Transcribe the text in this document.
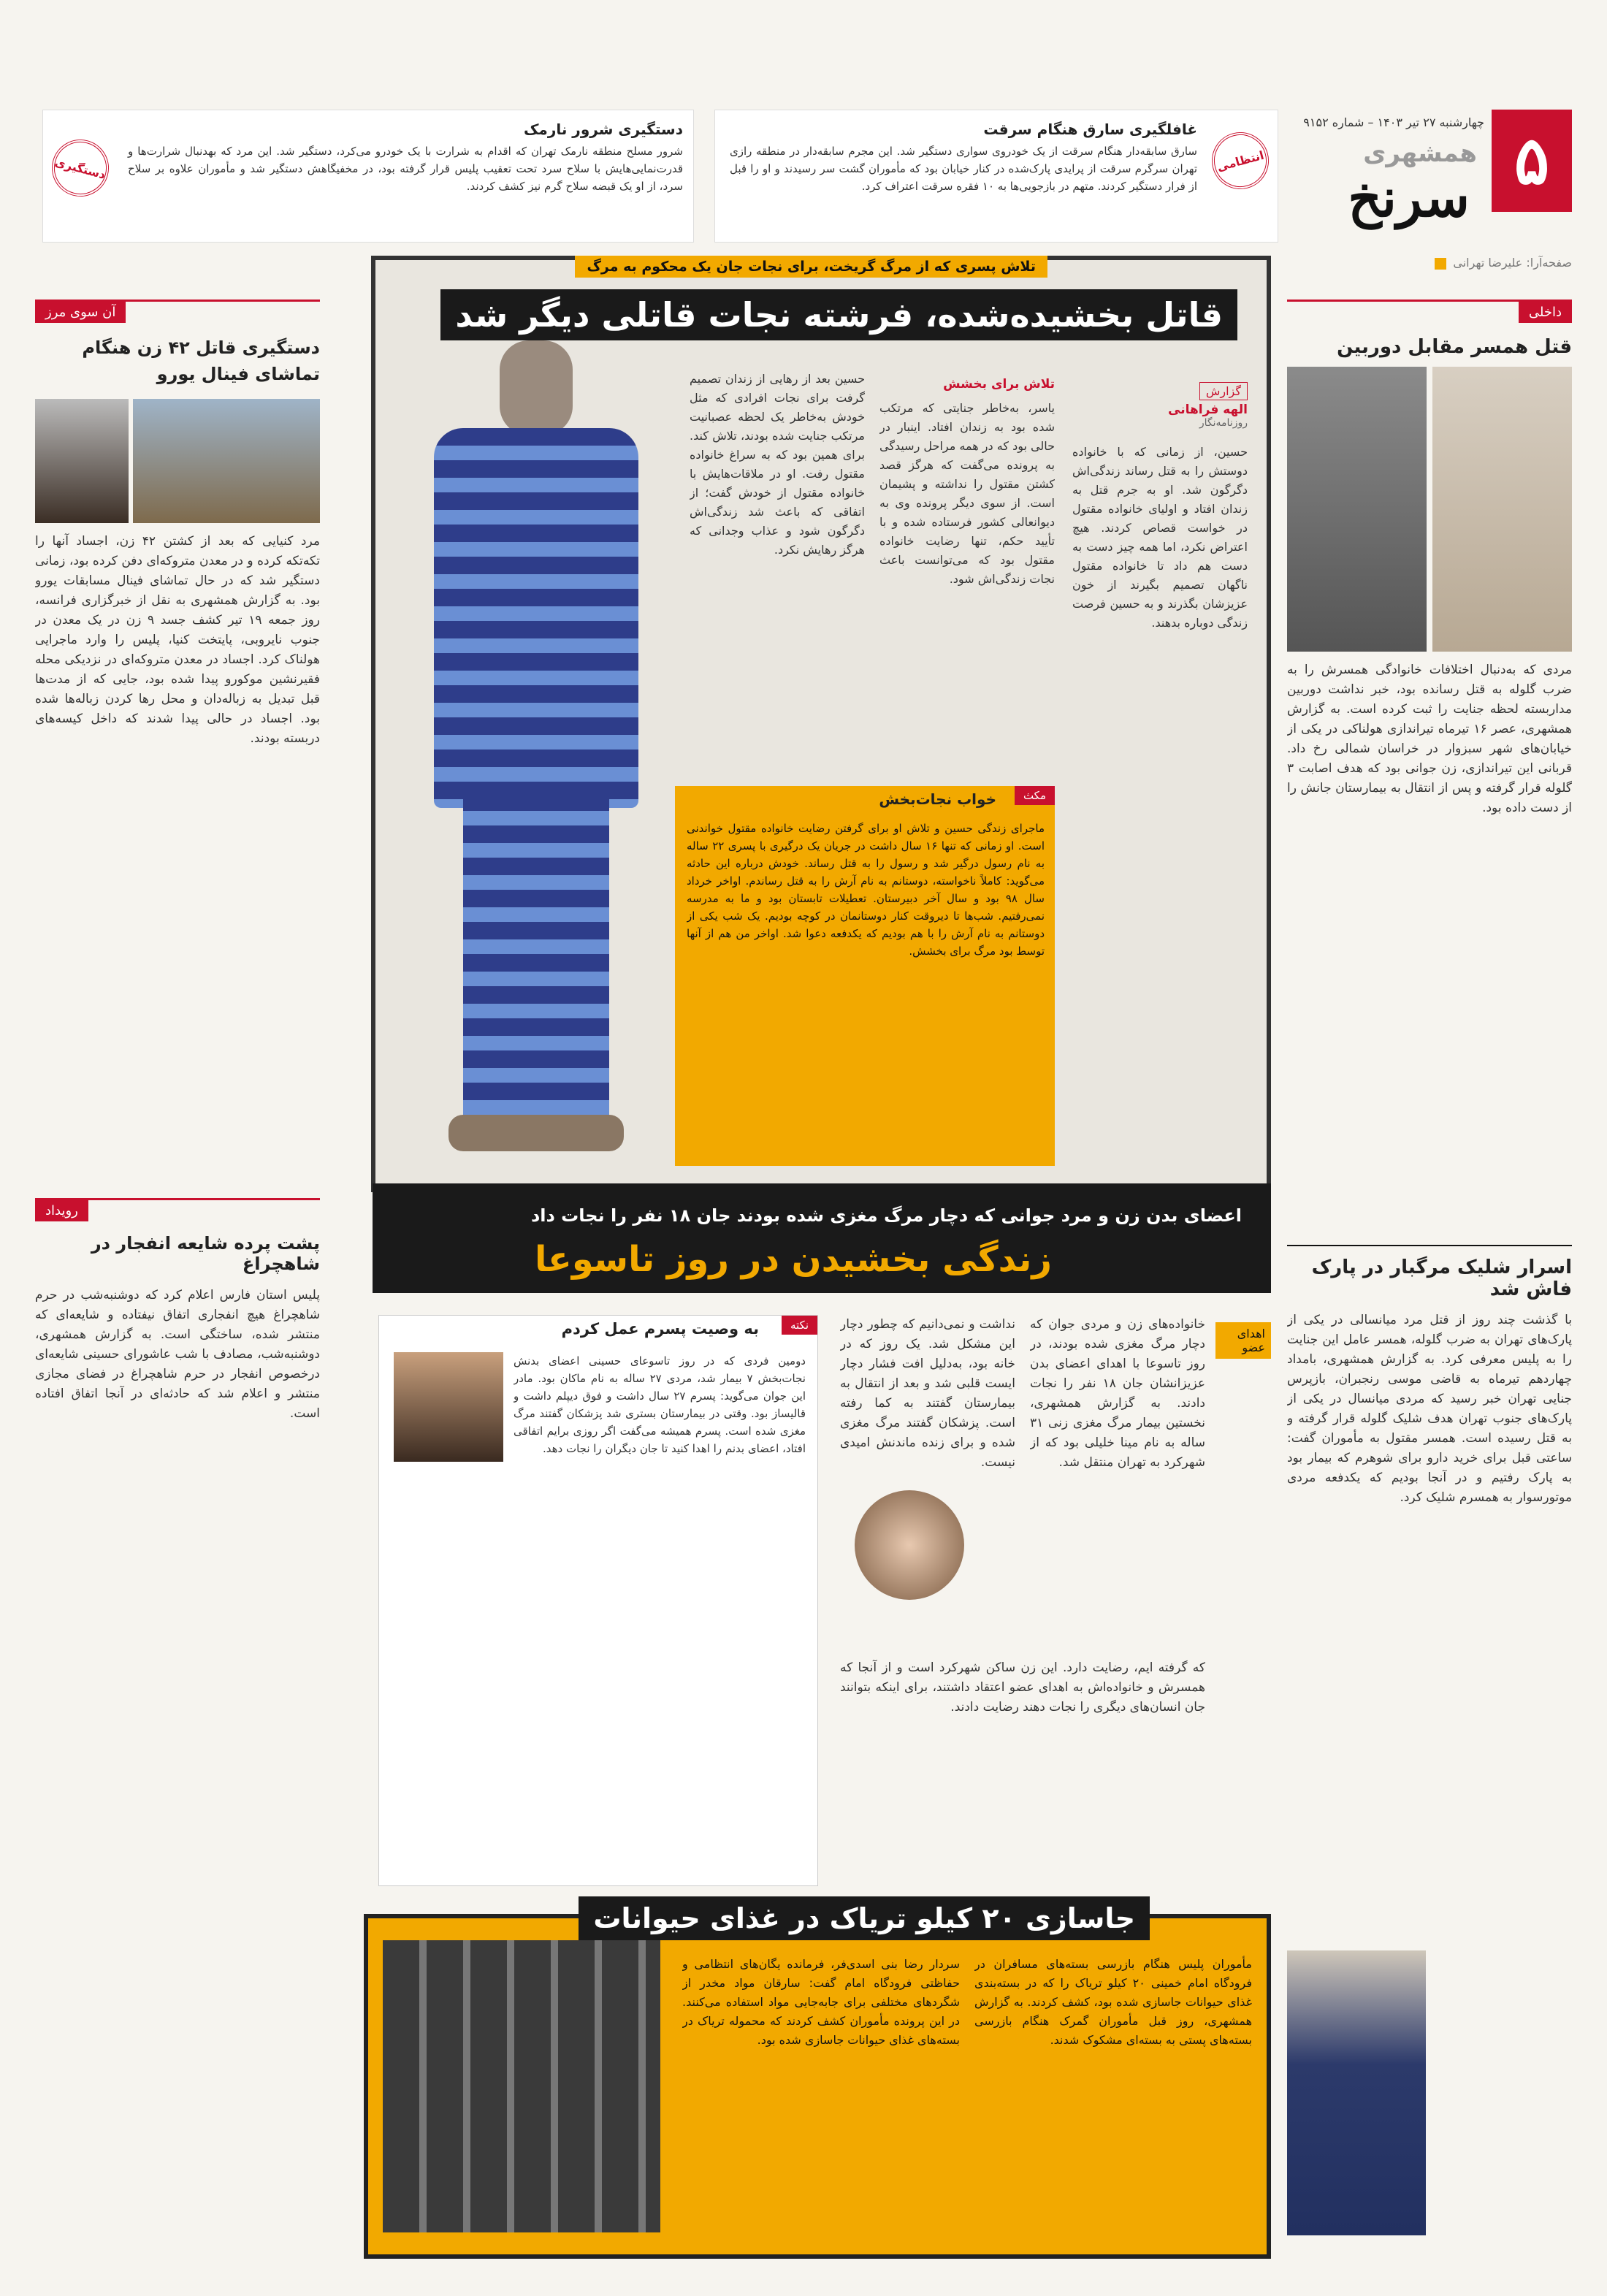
۵
چهارشنبه ۲۷ تیر ۱۴۰۳ – شماره ۹۱۵۲
همشهری
سرنخ
صفحه‌آرا: علیرضا تهرانی
انتظامی
غافلگیری سارق هنگام سرقت
سارق سابقه‌دار هنگام سرقت از یک خودروی سواری دستگیر شد. این مجرم سابقه‌دار در منطقه رازی تهران سرگرم سرقت از پرایدی پارک‌شده در کنار خیابان بود که مأموران گشت سر رسیدند و او را قبل از فرار دستگیر کردند. متهم در بازجویی‌ها به ۱۰ فقره سرقت اعتراف کرد.
دستگیری
دستگیری شرور نارمک
شرور مسلح منطقه نارمک تهران که اقدام به شرارت با یک خودرو می‌کرد، دستگیر شد. این مرد که بهدنبال شرارت‌ها و قدرت‌نمایی‌هایش با سلاح سرد تحت تعقیب پلیس قرار گرفته بود، در مخفیگاهش دستگیر شد و مأموران علاوه بر سلاح سرد، از او یک قبضه سلاح گرم نیز کشف کردند.
داخلی
قتل همسر مقابل دوربین
مردی که به‌دنبال اختلافات خانوادگی همسرش را به ضرب گلوله به قتل رسانده بود، خبر نداشت دوربین مداربسته لحظه جنایت را ثبت کرده است. به گزارش همشهری، عصر ۱۶ تیرماه تیراندازی هولناکی در یکی از خیابان‌های شهر سبزوار در خراسان شمالی رخ داد. قربانی این تیراندازی، زن جوانی بود که هدف اصابت ۳ گلوله قرار گرفته و پس از انتقال به بیمارستان جانش را از دست داده بود.
اسرار شلیک مرگبار در پارک فاش شد
با گذشت چند روز از قتل مرد میانسالی در یکی از پارک‌های تهران به ضرب گلوله، همسر عامل این جنایت را به پلیس معرفی کرد. به گزارش همشهری، بامداد چهاردهم تیرماه به قاضی موسی رنجبران، بازپرس جنایی تهران خبر رسید که مردی میانسال در یکی از پارک‌های جنوب تهران هدف شلیک گلوله قرار گرفته و به قتل رسیده است. همسر مقتول به مأموران گفت: ساعتی قبل برای خرید دارو برای شوهرم که بیمار بود به پارک رفتیم و در آنجا بودیم که یکدفعه مردی موتورسوار به همسرم شلیک کرد.
تلاش پسری که از مرگ گریخت، برای نجات جان یک محکوم به مرگ
قاتل بخشیده‌شده، فرشته نجات قاتلی دیگر شد
گزارش
الهه فراهانی
روزنامه‌نگار
حسین، از زمانی که با خانواده دوستش را به قتل رساند زندگی‌اش دگرگون شد. او به جرم قتل به زندان افتاد و اولیای خانواده مقتول در خواست قصاص کردند. هیچ اعتراض نکرد، اما همه چیز دست به دست هم داد تا خانواده مقتول ناگهان تصمیم بگیرند از خون عزیزشان بگذرند و به حسین فرصت زندگی دوباره بدهند.
تلاش برای بخشش
یاسر، به‌خاطر جنایتی که مرتکب شده بود به زندان افتاد. اینبار در حالی بود که در همه مراحل رسیدگی به پرونده می‌گفت که هرگز قصد کشتن مقتول را نداشته و پشیمان است. از سوی دیگر پرونده وی به دیوانعالی کشور فرستاده شده و با تأیید حکم، تنها رضایت خانواده مقتول بود که می‌توانست باعث نجات زندگی‌اش شود.
حسین بعد از رهایی از زندان تصمیم گرفت برای نجات افرادی که مثل خودش به‌خاطر یک لحظه عصبانیت مرتکب جنایت شده بودند، تلاش کند. برای همین بود که به سراغ خانواده مقتول رفت. او در ملاقات‌هایش با خانواده مقتول از خودش گفت؛ از اتفاقی که باعث شد زندگی‌اش دگرگون شود و عذاب وجدانی که هرگز رهایش نکرد.
مکث
خواب نجات‌بخش
ماجرای زندگی حسین و تلاش او برای گرفتن رضایت خانواده مقتول خواندنی است. او زمانی که تنها ۱۶ سال داشت در جریان یک درگیری با پسری ۲۲ ساله به نام رسول درگیر شد و رسول را به قتل رساند. خودش درباره این حادثه می‌گوید: کاملاً ناخواسته، دوستانم به نام آرش را به قتل رساندم. اواخر خرداد سال ۹۸ بود و سال آخر دبیرستان. تعطیلات تابستان بود و ما به مدرسه نمی‌رفتیم. شب‌ها تا دیروقت کنار دوستانمان در کوچه بودیم. یک شب یکی از دوستانم به نام آرش را با هم بودیم که یکدفعه دعوا شد. اواخر من هم از آنها توسط بود مرگ برای بخشش.
آن سوی مرز
دستگیری قاتل ۴۲ زن هنگام تماشای فینال یورو
مرد کنیایی که بعد از کشتن ۴۲ زن، اجساد آنها را تکه‌تکه کرده و در معدن متروکه‌ای دفن کرده بود، زمانی دستگیر شد که در حال تماشای فینال مسابقات یورو بود. به گزارش همشهری به نقل از خبرگزاری فرانسه، روز جمعه ۱۹ تیر کشف جسد ۹ زن در یک معدن در جنوب نایروبی، پایتخت کنیا، پلیس را وارد ماجرایی هولناک کرد. اجساد در معدن متروکه‌ای در نزدیکی محله فقیرنشین موکورو پیدا شده بود، جایی که از مدت‌ها قبل تبدیل به زباله‌دان و محل رها کردن زباله‌ها شده بود. اجساد در حالی پیدا شدند که داخل کیسه‌های دربسته بودند.
رویداد
پشت پرده شایعه انفجار در شاهچراغ
پلیس استان فارس اعلام کرد که دوشنبه‌شب در حرم شاهچراغ هیچ انفجاری اتفاق نیفتاده و شایعه‌ای که منتشر شده، ساختگی است. به گزارش همشهری، دوشنبه‌شب، مصادف با شب عاشورای حسینی شایعه‌ای درخصوص انفجار در حرم شاهچراغ در فضای مجازی منتشر و اعلام شد که حادثه‌ای در آنجا اتفاق افتاده است.
اعضای بدن زن و مرد جوانی که دچار مرگ مغزی شده بودند جان ۱۸ نفر را نجات داد
زندگی بخشیدن در روز تاسوعا
اهدای عضو
خانواده‌های زن و مردی جوان که دچار مرگ مغزی شده بودند، در روز تاسوعا با اهدای اعضای بدن عزیزانشان جان ۱۸ نفر را نجات دادند. به گزارش همشهری، نخستین بیمار مرگ مغزی زنی ۳۱ ساله به نام مینا خلیلی بود که از شهرکرد به تهران منتقل شد.
نداشت و نمی‌دانیم که چطور دچار این مشکل شد. یک روز که در خانه بود، به‌دلیل افت فشار دچار ایست قلبی شد و بعد از انتقال به بیمارستان گفتند به کما رفته است. پزشکان گفتند مرگ مغزی شده و برای زنده ماندنش امیدی نیست.
که گرفته ایم، رضایت دارد. این زن ساکن شهرکرد است و از آنجا که همسرش و خانواده‌اش به اهدای عضو اعتقاد داشتند، برای اینکه بتوانند جان انسان‌های دیگری را نجات دهند رضایت دادند.
نکته
به وصیت پسرم عمل کردم
دومین فردی که در روز تاسوعای حسینی اعضای بدنش نجات‌بخش ۷ بیمار شد، مردی ۲۷ ساله به نام ماکان بود. مادر این جوان می‌گوید: پسرم ۲۷ سال داشت و فوق دیپلم داشت و قالیساز بود. وقتی در بیمارستان بستری شد پزشکان گفتند مرگ مغزی شده است. پسرم همیشه می‌گفت اگر روزی برایم اتفاقی افتاد، اعضای بدنم را اهدا کنید تا جان دیگران را نجات دهد.
جاسازی ۲۰ کیلو تریاک در غذای حیوانات
مأموران پلیس هنگام بازرسی بسته‌های مسافران در فرودگاه امام خمینی ۲۰ کیلو تریاک را که در بسته‌بندی غذای حیوانات جاسازی شده بود، کشف کردند. به گزارش همشهری، روز قبل مأموران گمرک هنگام بازرسی بسته‌های پستی به بسته‌ای مشکوک شدند.
سردار رضا بنی اسدی‌فر، فرمانده یگان‌های انتظامی و حفاظتی فرودگاه امام گفت: سارقان مواد مخدر از شگردهای مختلفی برای جابه‌جایی مواد استفاده می‌کنند. در این پرونده مأموران کشف کردند که محموله تریاک در بسته‌های غذای حیوانات جاسازی شده بود.
